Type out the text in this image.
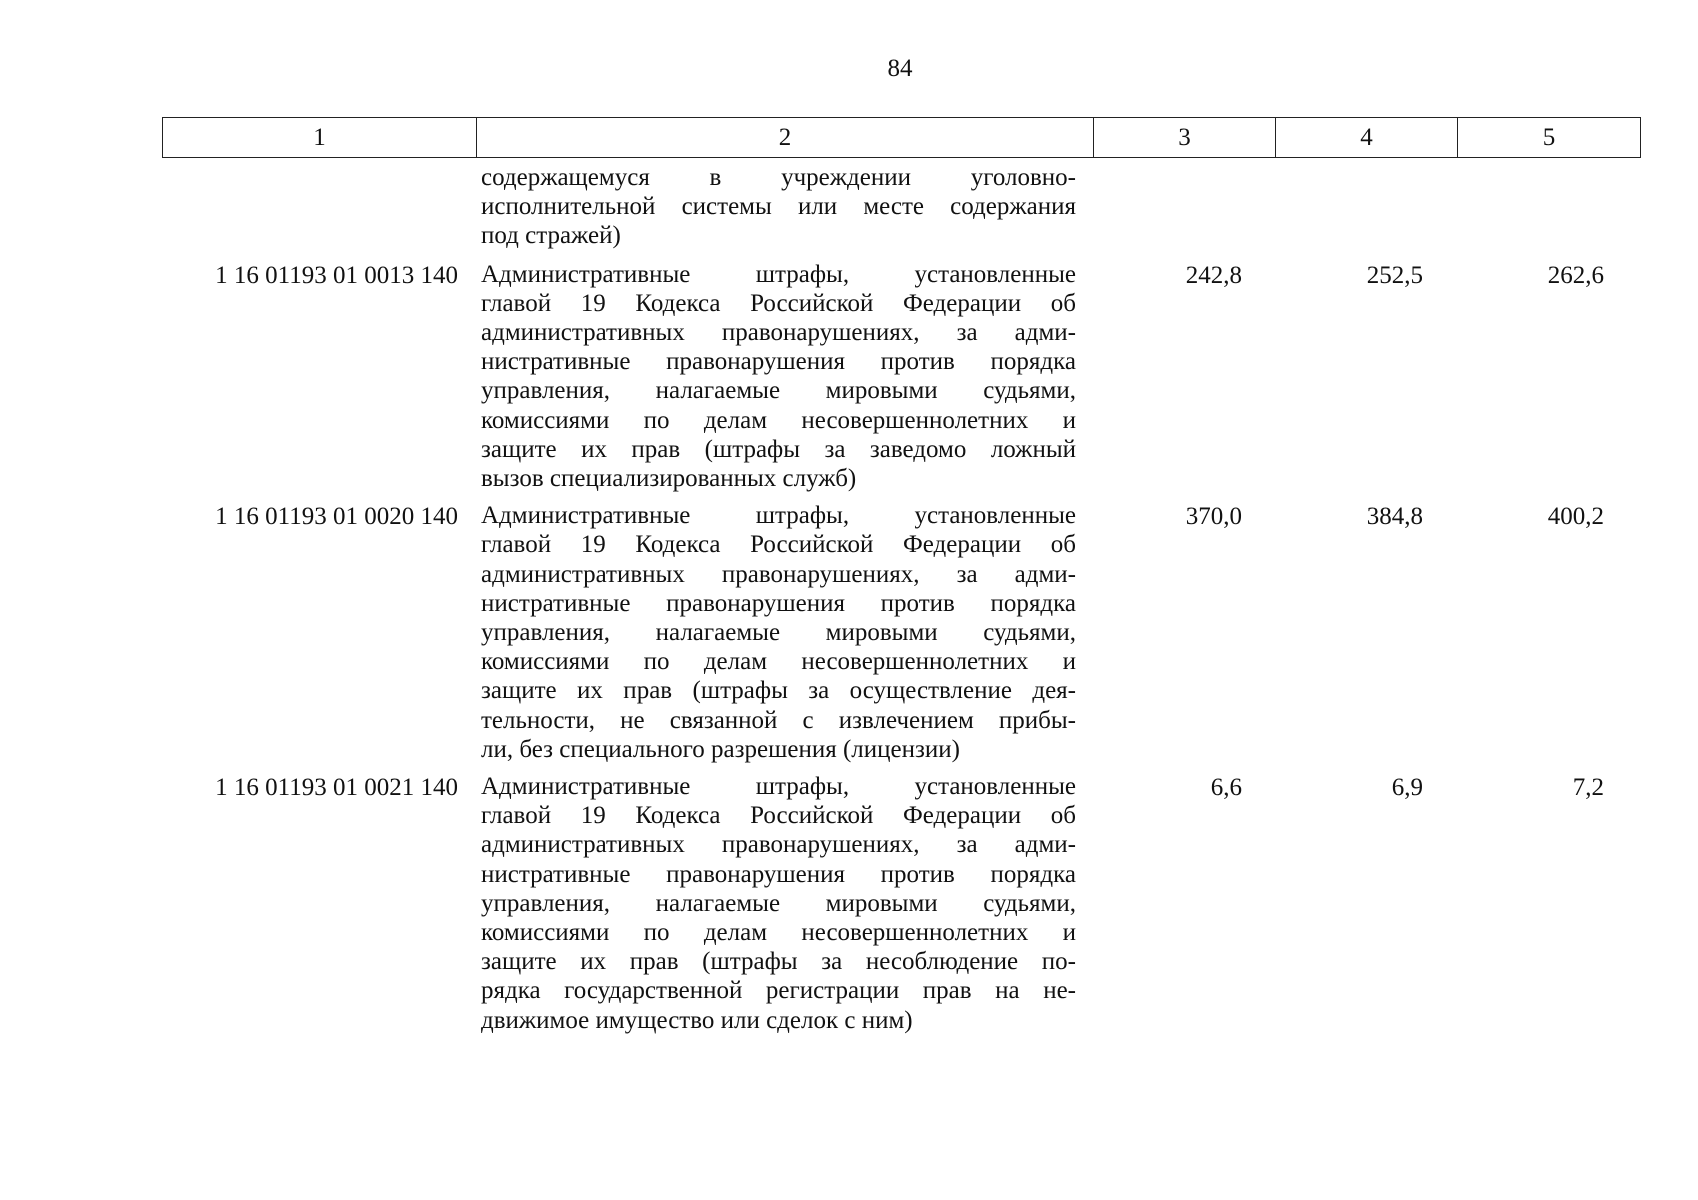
84
1	2	3	4	5
содержащемуся в учреждении уголовно-
исполнительной системы или месте содержания
под стражей)
1 16 01193 01 0013 140 Административные штрафы, установленные
главой 19 Кодекса Российской Федерации об
административных правонарушениях, за адми-
нистративные правонарушения против порядка
управления, налагаемые мировыми судьями,
комиссиями по делам несовершеннолетних и
защите их прав (штрафы за заведомо ложный
вызов специализированных служб)
242,8	252,5	262,6
1 16 01193 01 0020 140 Административные штрафы, установленные
главой 19 Кодекса Российской Федерации об
административных правонарушениях, за адми-
нистративные правонарушения против порядка
управления, налагаемые мировыми судьями,
комиссиями по делам несовершеннолетних и
защите их прав (штрафы за осуществление дея-
тельности, не связанной с извлечением прибы-
ли, без специального разрешения (лицензии)
370,0	384,8	400,2
1 16 01193 01 0021 140 Административные штрафы, установленные
главой 19 Кодекса Российской Федерации об
административных правонарушениях, за адми-
нистративные правонарушения против порядка
управления, налагаемые мировыми судьями,
комиссиями по делам несовершеннолетних и
защите их прав (штрафы за несоблюдение по-
рядка государственной регистрации прав на не-
движимое имущество или сделок с ним)
6,6	6,9	7,2
